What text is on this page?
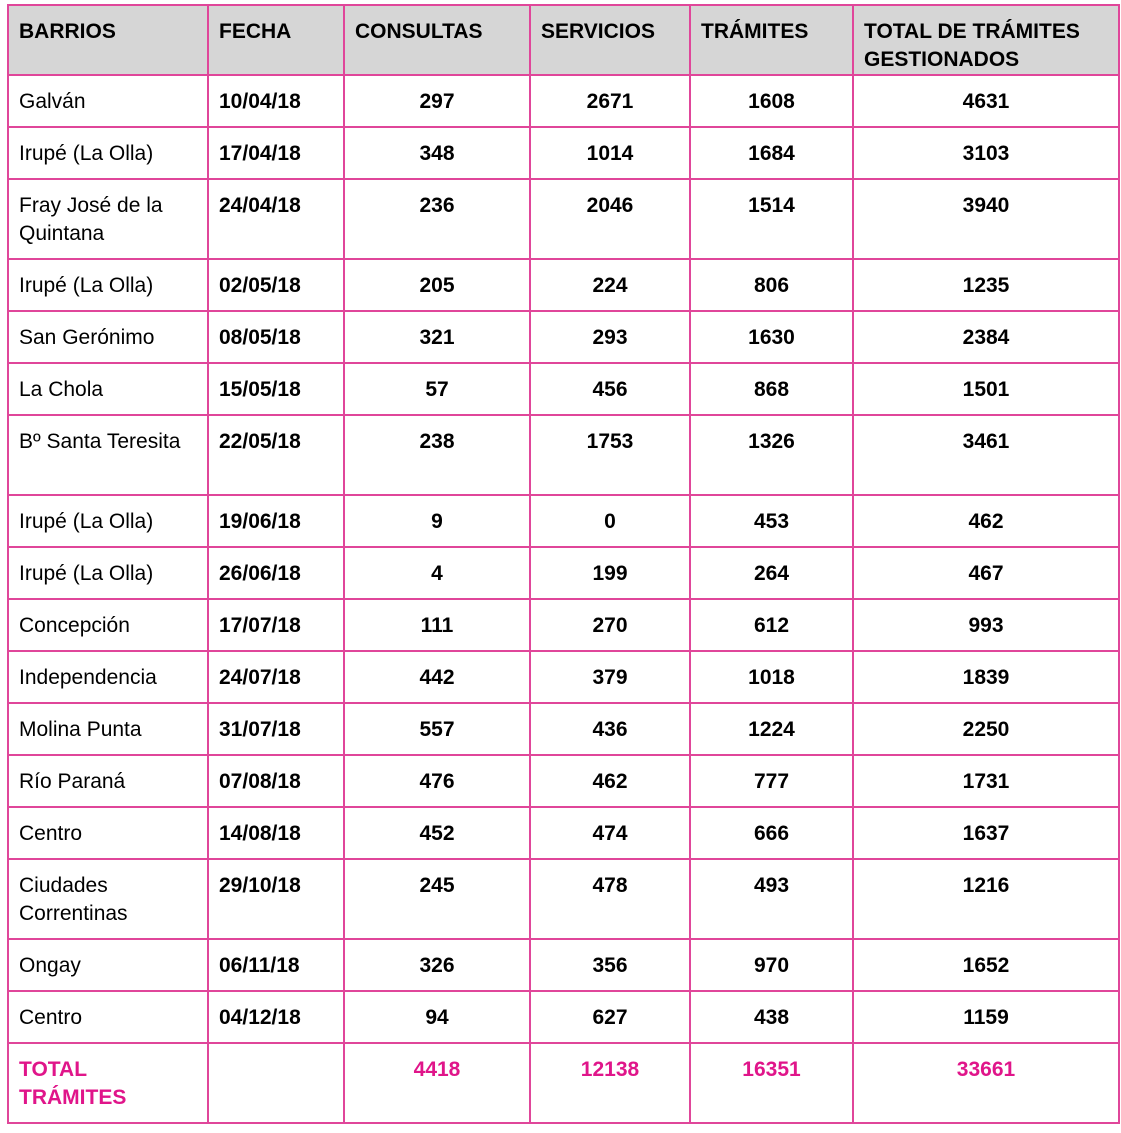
BARRIOS	FECHA	CONSULTAS	SERVICIOS	TRÁMITES	TOTAL DE TRÁMITES GESTIONADOS
Galván	10/04/18	297	2671	1608	4631
Irupé (La Olla)	17/04/18	348	1014	1684	3103
Fray José de la Quintana	24/04/18	236	2046	1514	3940
Irupé (La Olla)	02/05/18	205	224	806	1235
San Gerónimo	08/05/18	321	293	1630	2384
La Chola	15/05/18	57	456	868	1501
Bº Santa Teresita	22/05/18	238	1753	1326	3461
Irupé (La Olla)	19/06/18	9	0	453	462
Irupé (La Olla)	26/06/18	4	199	264	467
Concepción	17/07/18	111	270	612	993
Independencia	24/07/18	442	379	1018	1839
Molina Punta	31/07/18	557	436	1224	2250
Río Paraná	07/08/18	476	462	777	1731
Centro	14/08/18	452	474	666	1637
Ciudades Correntinas	29/10/18	245	478	493	1216
Ongay	06/11/18	326	356	970	1652
Centro	04/12/18	94	627	438	1159
TOTAL TRÁMITES		4418	12138	16351	33661
